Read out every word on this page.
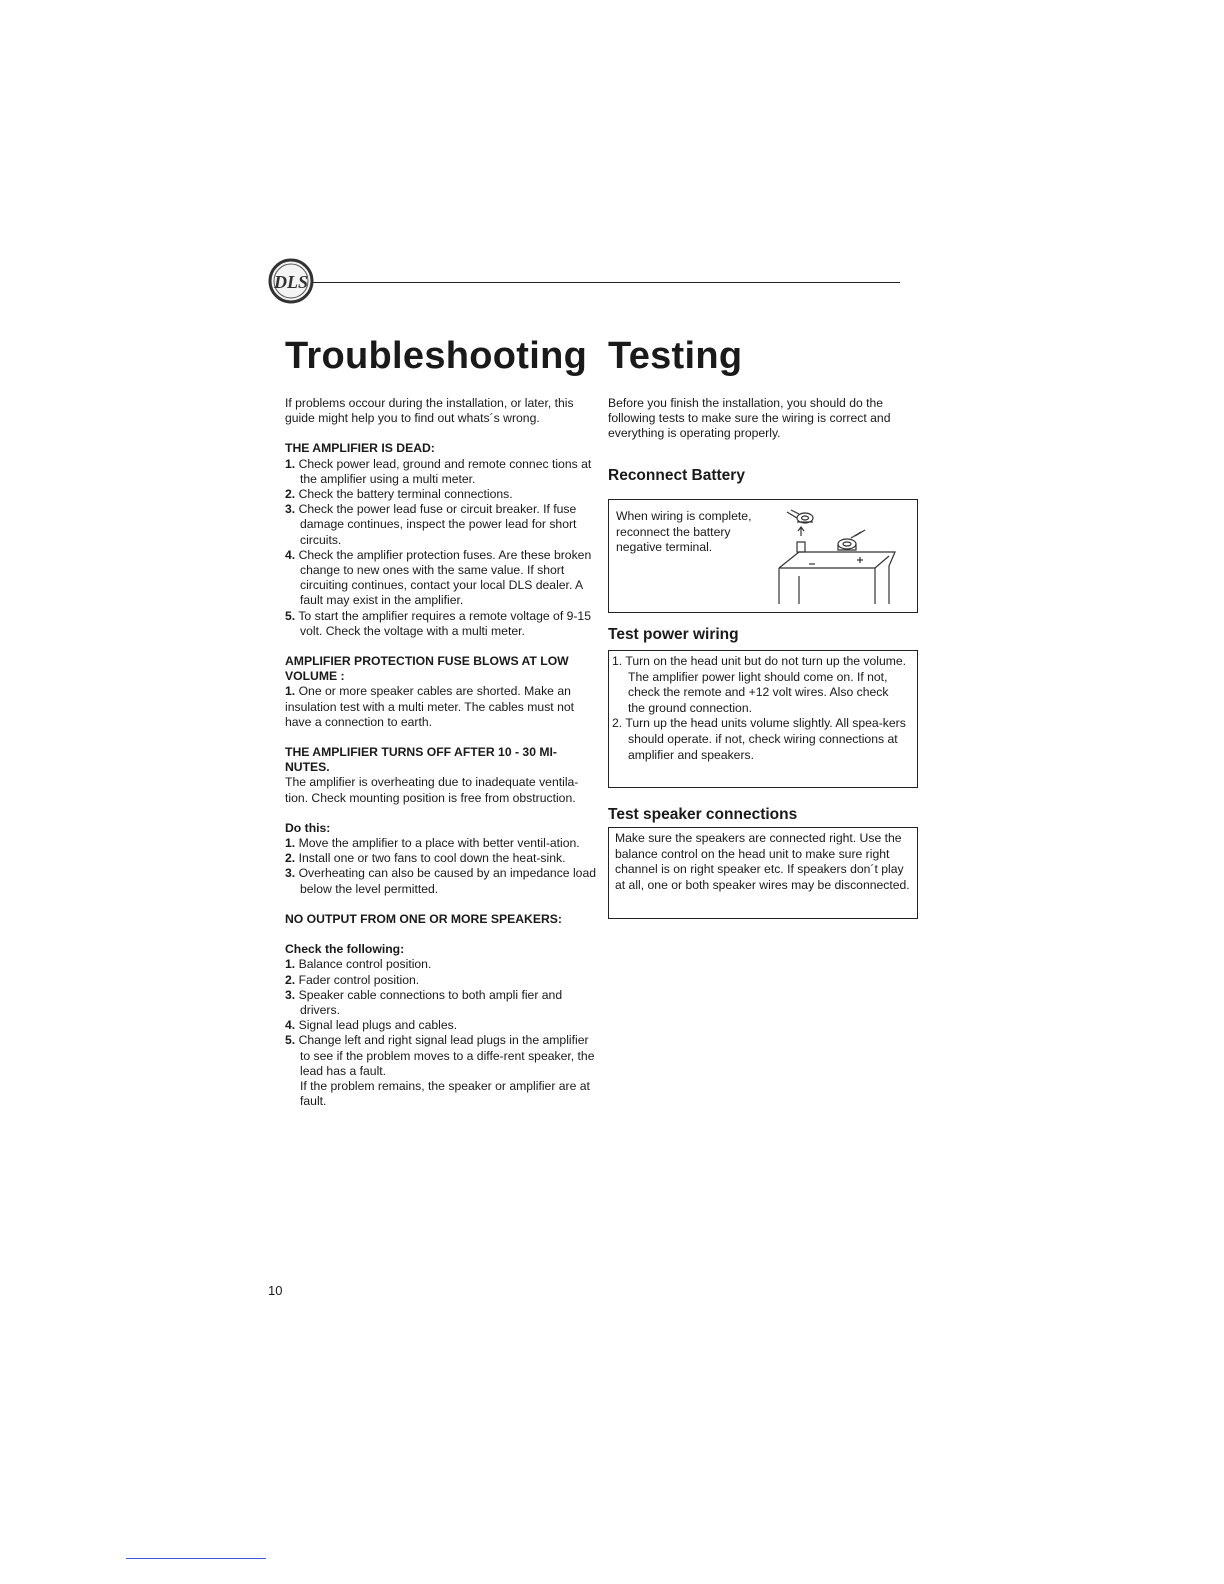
DLS
Troubleshooting Testing

If problems occour during the installation, or later, this guide might help you to find out whats´s wrong.

THE AMPLIFIER IS DEAD:

1. Check power lead, ground and remote connec tions at the amplifier using a multi meter.

2. Check the battery terminal connections.

3. Check the power lead fuse or circuit breaker. If fuse damage continues, inspect the power lead for short circuits.

4. Check the amplifier protection fuses. Are these broken change to new ones with the same value. If short circuiting continues, contact your local DLS dealer. A fault may exist in the amplifier.

5. To start the amplifier requires a remote voltage of 9-15 volt. Check the voltage with a multi meter.

AMPLIFIER PROTECTION FUSE BLOWS AT LOW VOLUME :

1. One or more speaker cables are shorted. Make an insulation test with a multi meter. The cables must not have a connection to earth.

THE AMPLIFIER TURNS OFF AFTER 10 - 30 MI-NUTES.

The amplifier is overheating due to inadequate ventila-tion. Check mounting position is free from obstruction.

Do this:

1. Move the amplifier to a place with better ventil-ation.

2. Install one or two fans to cool down the heat-sink.

3. Overheating can also be caused by an impedance load below the level permitted.

NO OUTPUT FROM ONE OR MORE SPEAKERS:

Check the following:

1. Balance control position.

2. Fader control position.

3. Speaker cable connections to both ampli fier and drivers.

4. Signal lead plugs and cables.

5. Change left and right signal lead plugs in the amplifier to see if the problem moves to a diffe-rent speaker, the lead has a fault.

If the problem remains, the speaker or amplifier are at fault.

Before you finish the installation, you should do the following tests to make sure the wiring is correct and everything is operating properly.
Reconnect Battery
When wiring is complete, reconnect the battery negative terminal.
Test power wiring

1. Turn on the head unit but do not turn up the volume. The amplifier power light should come on. If not, check the remote and +12 volt wires. Also check the ground connection.

2. Turn up the head units volume slightly. All spea-kers should operate. if not, check wiring connections at amplifier and speakers.

Test speaker connections
Make sure the speakers are connected right. Use the balance control on the head unit to make sure right channel is on right speaker etc. If speakers don´t play at all, one or both speaker wires may be disconnected.
10
